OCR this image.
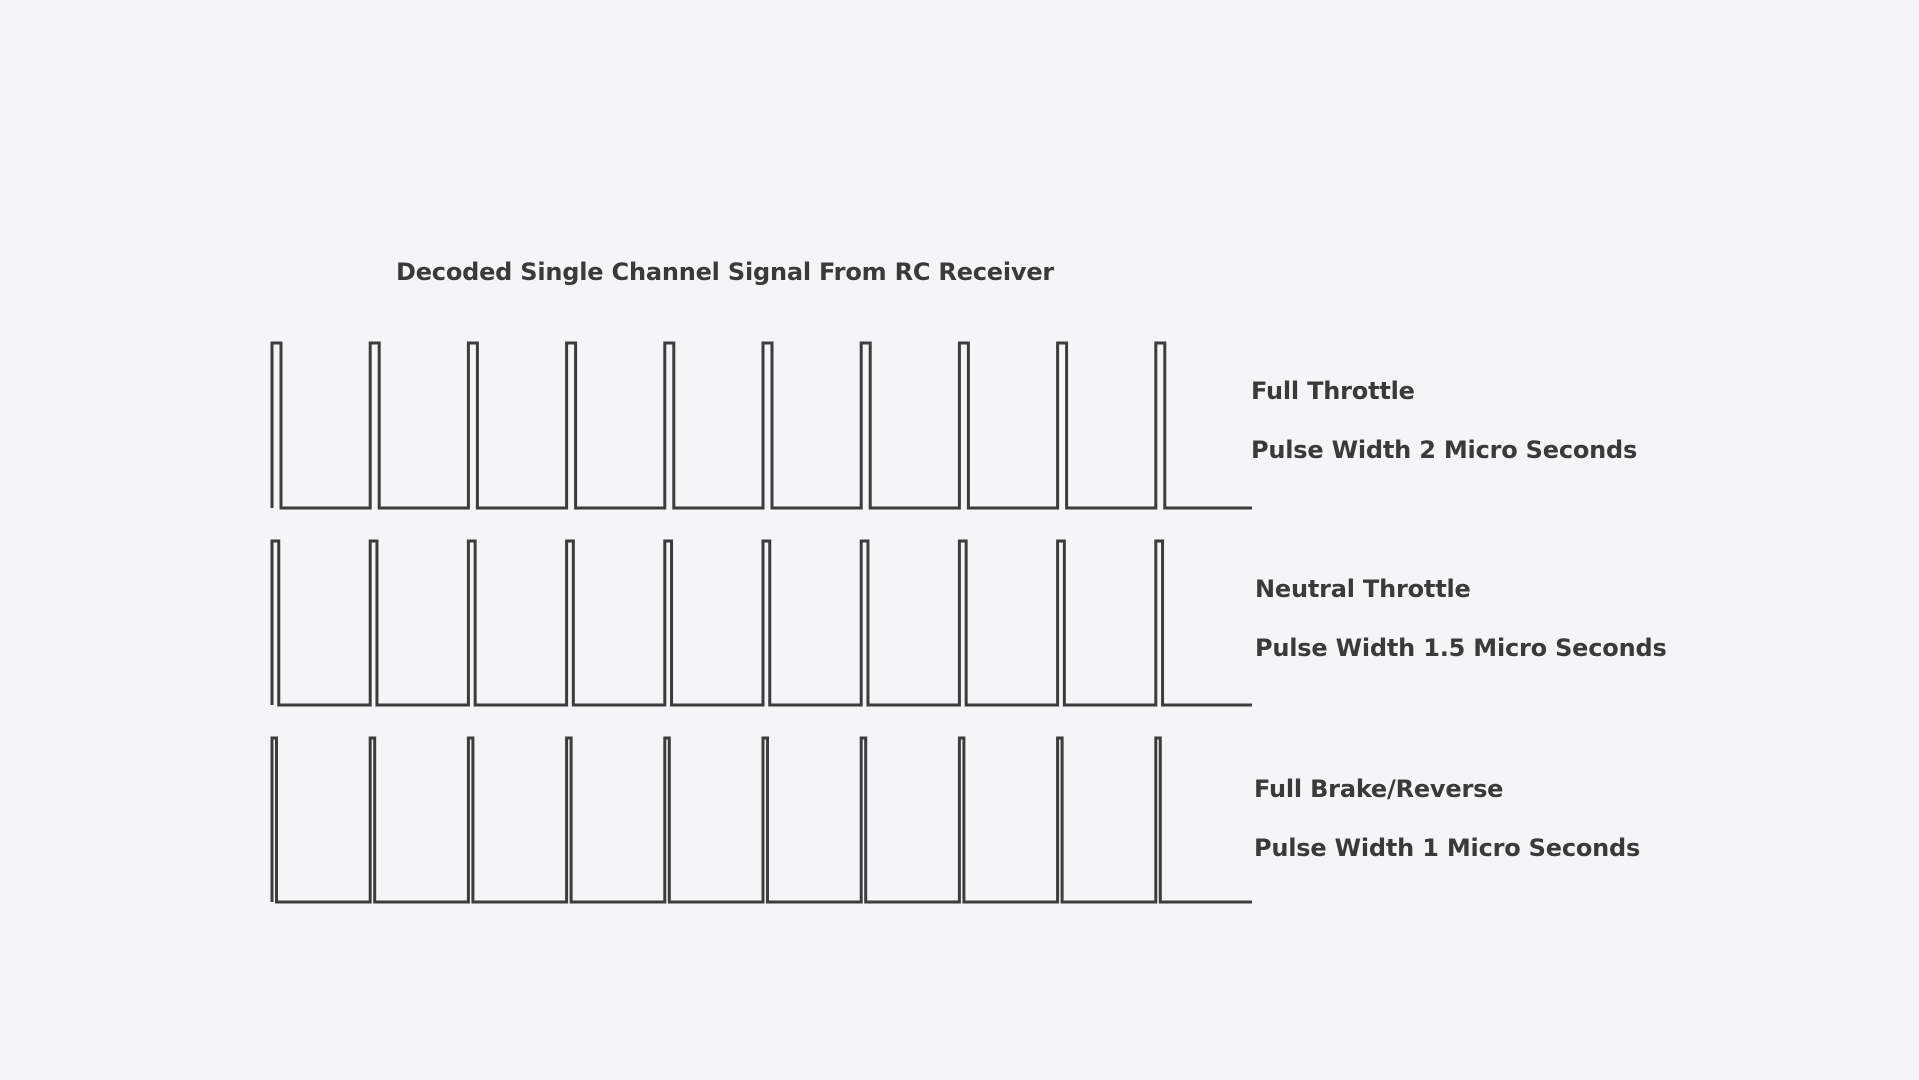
Decoded Single Channel Signal From RC Receiver
Full Throttle
Pulse Width 2 Micro Seconds
Neutral Throttle
Pulse Width 1.5 Micro Seconds
Full Brake/Reverse
Pulse Width 1 Micro Seconds
